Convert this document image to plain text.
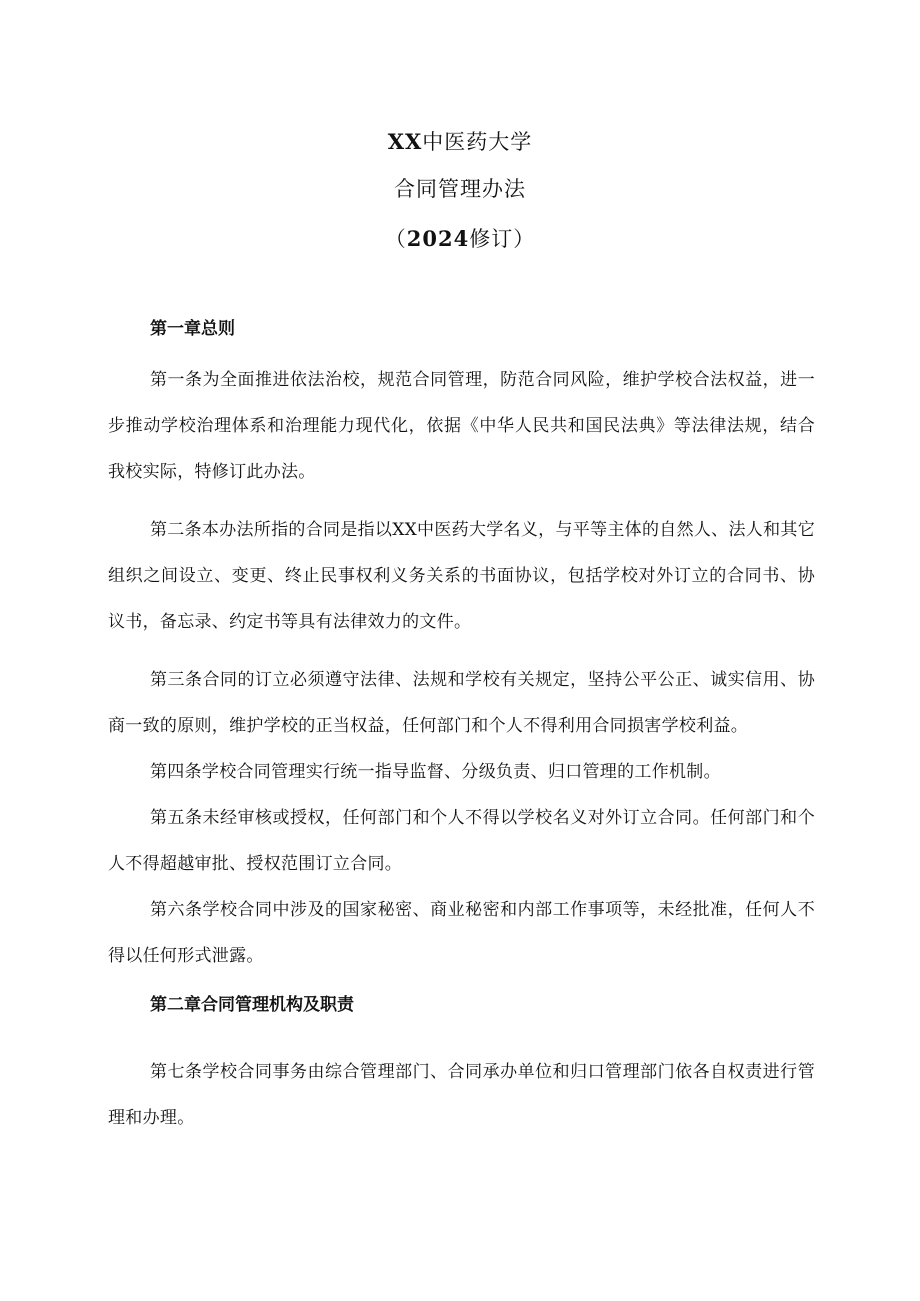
XX中医药大学
合同管理办法
（2024修订）
第一章总则

第一条为全面推进依法治校，规范合同管理，防范合同风险，维护学校合法权益，进一步推动学校治理体系和治理能力现代化，依据《中华人民共和国民法典》等法律法规，结合我校实际，特修订此办法。

第二条本办法所指的合同是指以XX中医药大学名义，与平等主体的自然人、法人和其它组织之间设立、变更、终止民事权利义务关系的书面协议，包括学校对外订立的合同书、协议书，备忘录、约定书等具有法律效力的文件。

第三条合同的订立必须遵守法律、法规和学校有关规定，坚持公平公正、诚实信用、协商一致的原则，维护学校的正当权益，任何部门和个人不得利用合同损害学校利益。

第四条学校合同管理实行统一指导监督、分级负责、归口管理的工作机制。

第五条未经审核或授权，任何部门和个人不得以学校名义对外订立合同。任何部门和个人不得超越审批、授权范围订立合同。

第六条学校合同中涉及的国家秘密、商业秘密和内部工作事项等，未经批准，任何人不得以任何形式泄露。

第二章合同管理机构及职责

第七条学校合同事务由综合管理部门、合同承办单位和归口管理部门依各自权责进行管理和办理。
